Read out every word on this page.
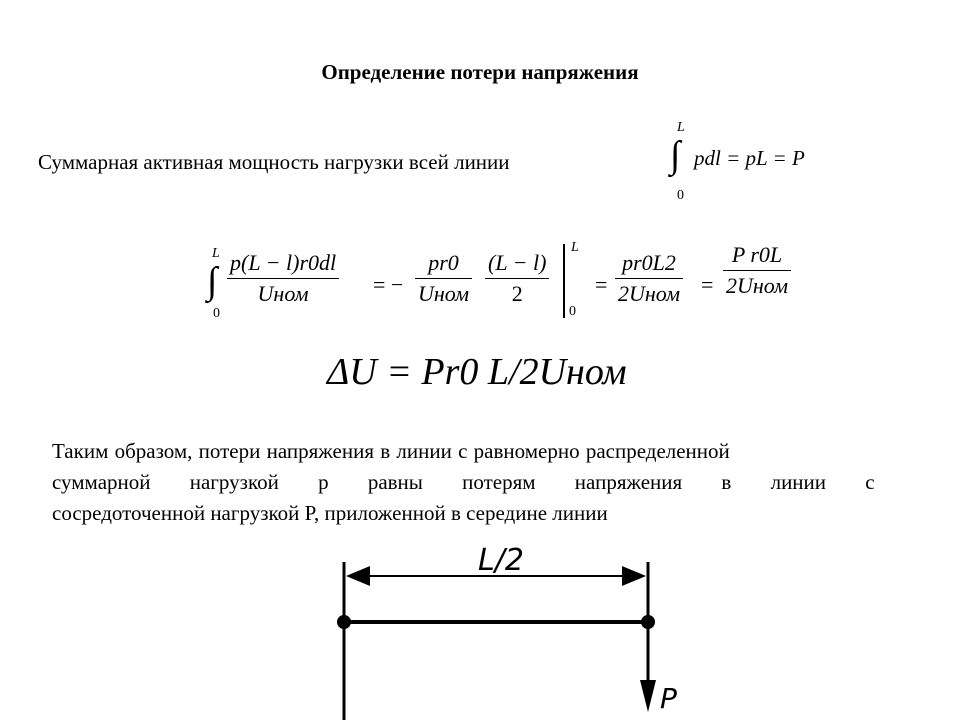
Определение потери напряжения
Суммарная активная мощность нагрузки всей линии
L
∫
0
pdl = pL = P
L
∫
0
p(L − l)r0dl
Uном	= −
pr0
Uном $\frac{(L - l)}{2}$
L
0
=
pr0L2
2Uном =
P r0L
2Uном
ΔU = Pr0 L/2Uном
Таким образом, потери напряжения в линии с равномерно распределенной
суммарной нагрузкой p равны потерям напряжения в линии с
сосредоточенной нагрузкой P, приложенной в середине линии
L/2
P
